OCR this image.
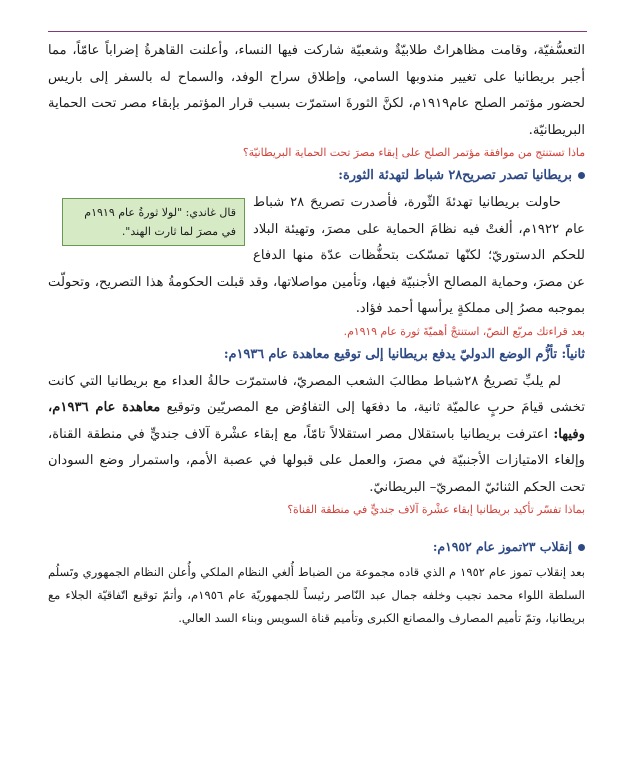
التعسُّفيّة، وقامت مظاهراتٌ طلابيّةٌ وشعبيّة شاركت فيها النساء، وأعلنت القاهرةُ إضراباً عامّاً، مما أجبر بريطانيا على تغيير مندوبها السامي، وإطلاق سراح الوفد، والسماح له بالسفر إلى باريس لحضور مؤتمر الصلح عام١٩١٩م، لكنَّ الثورةَ استمرّت بسبب قرار المؤتمر بإبقاء مصر تحت الحماية البريطانيّة.

ماذا تستنتج من موافقة مؤتمر الصلح على إبقاء مصرَ تحت الحماية البريطانيّة؟

بريطانيا تصدر تصريح٢٨ شباط لتهدئة الثورة:
قال غاندي: "لولا ثورةُ عام ١٩١٩م في مصرَ لما ثارت الهند".

حاولت بريطانيا تهدئةَ الثّورة، فأصدرت تصريحَ ٢٨ شباط عام ١٩٢٢م، ألغتْ فيه نظامَ الحماية على مصرَ، وتهيئة البلاد للحكم الدستوريّ؛ لكنّها تمسّكت بتحفُّظات عدّة منها الدفاع عن مصرَ، وحماية المصالح الأجنبيّة فيها، وتأمين مواصلاتها، وقد قبلت الحكومةُ هذا التصريح، وتحولّت بموجبه مصرُ إلى مملكةٍ يرأسها أحمد فؤاد.

بعد قراءتك مربّع النصّ، استنتجْ أهميّةَ ثورة عام ١٩١٩م.

ثانياً: تأزُّم الوضع الدوليّ يدفع بريطانيا إلى توقيع معاهدة عام ١٩٣٦م:

لم يلبِّ تصريحُ ٢٨شباط مطالبَ الشعب المصريّ، فاستمرّت حالةُ العداء مع بريطانيا التي كانت تخشى قيامَ حربٍ عالميّة ثانية، ما دفعَها إلى التفاوُض مع المصريّين وتوقيع معاهدة عام ١٩٣٦م، وفيها: اعترفت بريطانيا باستقلال مصر استقلالاً تامّاً، مع إبقاء عشْرة آلاف جنديٍّ في منطقة القناة، وإلغاء الامتيازات الأجنبيّة في مصرَ، والعمل على قبولها في عصبة الأمم، واستمرار وضع السودان تحت الحكم الثنائيّ المصريّ– البريطانيّ.

بماذا تفسّر تأكيد بريطانيا إبقاء عشْرة آلاف جنديٍّ في منطقة القناة؟

إنقلاب ٢٣تموز عام ١٩٥٢م:

بعد إنقلاب تموز عام ١٩٥٢ م الذي قاده مجموعة من الضباط أُلغي النظام الملكي وأُعلن النظام الجمهوري وتَسلُم السلطة اللواء محمد نجيب وخلفه جمال عبد النّاصر رئيساً للجمهوريّة عام ١٩٥٦م، وأتمّ توقيع اتّفاقيّة الجلاء مع بريطانيا، وتمّ تأميم المصارف والمصانع الكبرى وتأميم قناة السويس وبناء السد العالي.
